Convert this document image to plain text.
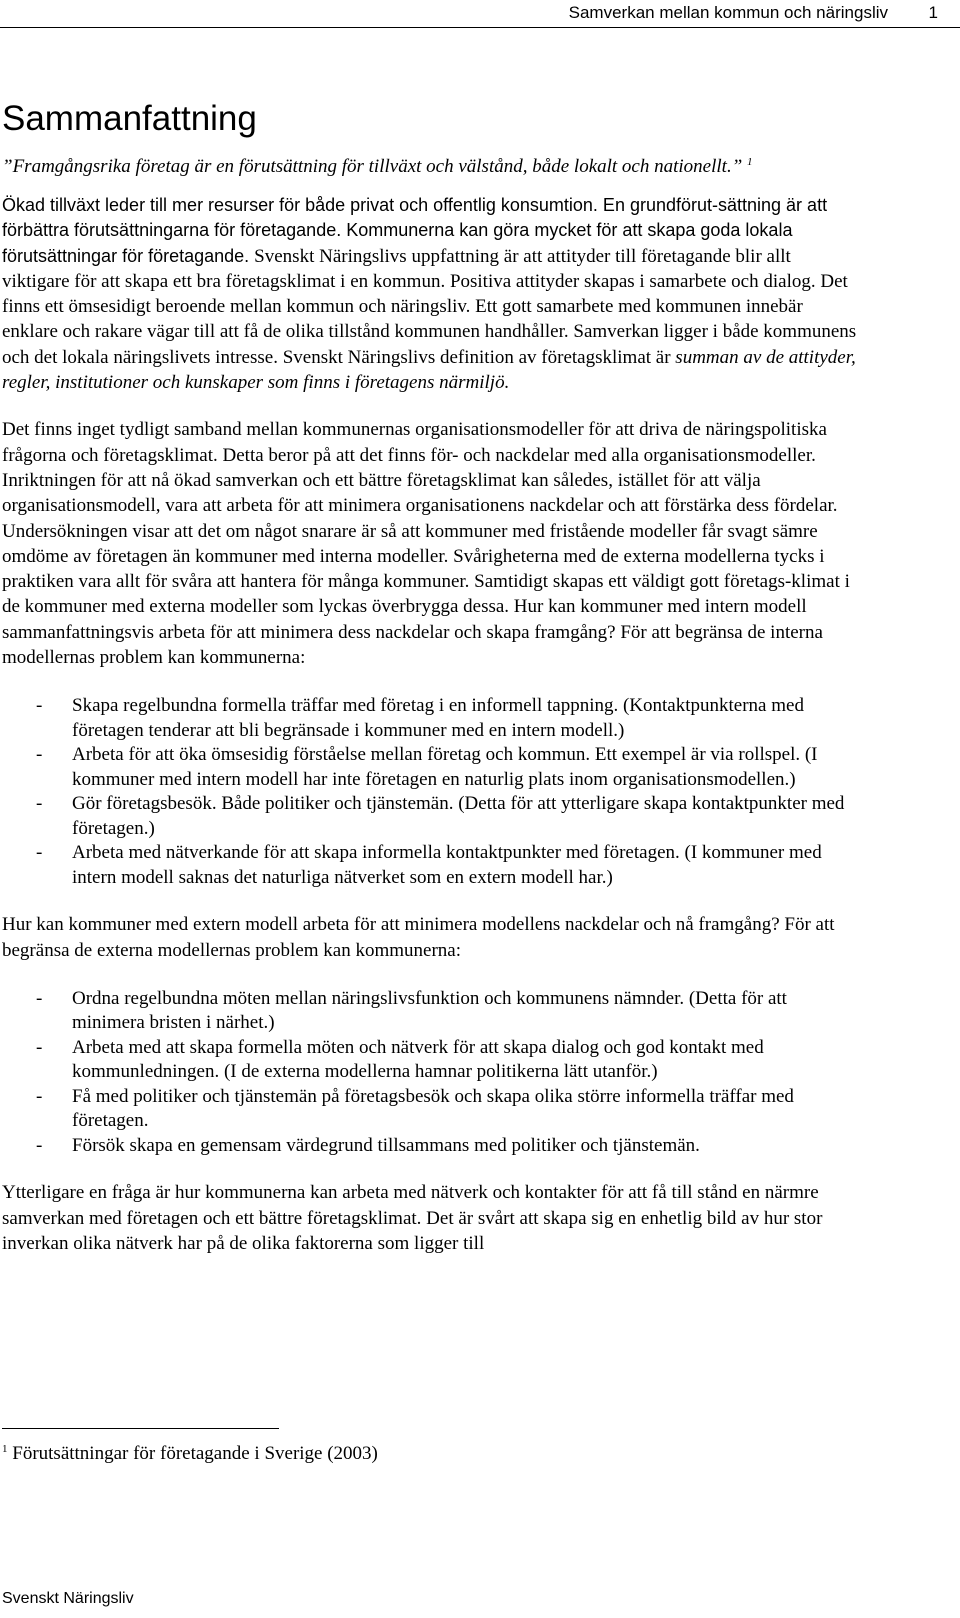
Samverkan mellan kommun och näringsliv 1
Sammanfattning

”Framgångsrika företag är en förutsättning för tillväxt och välstånd, både lokalt och nationellt.” $^1$

Ökad tillväxt leder till mer resurser för både privat och offentlig konsumtion. En grundförut-sättning är att förbättra förutsättningarna för företagande. Kommunerna kan göra mycket för att skapa goda lokala förutsättningar för företagande. Svenskt Näringslivs uppfattning är att attityder till företagande blir allt viktigare för att skapa ett bra företagsklimat i en kommun. Positiva attityder skapas i samarbete och dialog. Det finns ett ömsesidigt beroende mellan kommun och näringsliv. Ett gott samarbete med kommunen innebär enklare och rakare vägar till att få de olika tillstånd kommunen handhåller. Samverkan ligger i både kommunens och det lokala näringslivets intresse. Svenskt Näringslivs definition av företagsklimat är summan av de attityder, regler, institutioner och kunskaper som finns i företagens närmiljö.

Det finns inget tydligt samband mellan kommunernas organisationsmodeller för att driva de näringspolitiska frågorna och företagsklimat. Detta beror på att det finns för- och nackdelar med alla organisationsmodeller. Inriktningen för att nå ökad samverkan och ett bättre företagsklimat kan således, istället för att välja organisationsmodell, vara att arbeta för att minimera organisationens nackdelar och att förstärka dess fördelar. Undersökningen visar att det om något snarare är så att kommuner med fristående modeller får svagt sämre omdöme av företagen än kommuner med interna modeller. Svårigheterna med de externa modellerna tycks i praktiken vara allt för svåra att hantera för många kommuner. Samtidigt skapas ett väldigt gott företags-klimat i de kommuner med externa modeller som lyckas överbrygga dessa. Hur kan kommuner med intern modell sammanfattningsvis arbeta för att minimera dess nackdelar och skapa framgång? För att begränsa de interna modellernas problem kan kommunerna:

- Skapa regelbundna formella träffar med företag i en informell tappning. (Kontaktpunkterna med företagen tenderar att bli begränsade i kommuner med en intern modell.)
- Arbeta för att öka ömsesidig förståelse mellan företag och kommun. Ett exempel är via rollspel. (I kommuner med intern modell har inte företagen en naturlig plats inom organisationsmodellen.)
- Gör företagsbesök. Både politiker och tjänstemän. (Detta för att ytterligare skapa kontaktpunkter med företagen.)
- Arbeta med nätverkande för att skapa informella kontaktpunkter med företagen. (I kommuner med intern modell saknas det naturliga nätverket som en extern modell har.)

Hur kan kommuner med extern modell arbeta för att minimera modellens nackdelar och nå framgång? För att begränsa de externa modellernas problem kan kommunerna:

- Ordna regelbundna möten mellan näringslivsfunktion och kommunens nämnder. (Detta för att minimera bristen i närhet.)
- Arbeta med att skapa formella möten och nätverk för att skapa dialog och god kontakt med kommunledningen. (I de externa modellerna hamnar politikerna lätt utanför.)
- Få med politiker och tjänstemän på företagsbesök och skapa olika större informella träffar med företagen.
- Försök skapa en gemensam värdegrund tillsammans med politiker och tjänstemän.

Ytterligare en fråga är hur kommunerna kan arbeta med nätverk och kontakter för att få till stånd en närmre samverkan med företagen och ett bättre företagsklimat. Det är svårt att skapa sig en enhetlig bild av hur stor inverkan olika nätverk har på de olika faktorerna som ligger till

$^1$ Förutsättningar för företagande i Sverige (2003)

Svenskt Näringsliv
